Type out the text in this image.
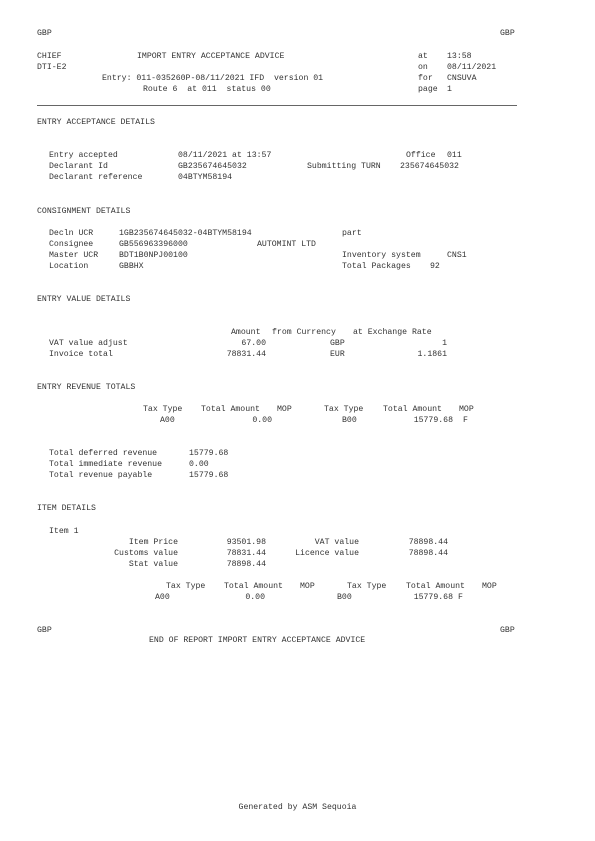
GBP	GBP
CHIEF	IMPORT ENTRY ACCEPTANCE ADVICE	at 13:58
DTI-E2	on 08/11/2021
Entry: 011-035260P-08/11/2021 IFD  version 01	for CNSUVA
Route 6  at 011  status 00	page 1
ENTRY ACCEPTANCE DETAILS
Entry accepted	08/11/2021 at 13:57	Office 011
Declarant Id	GB235674645032	Submitting TURN 235674645032
Declarant reference	04BTYM58194
CONSIGNMENT DETAILS
Decln UCR	1GB235674645032-04BTYM58194	part
Consignee	GB556963396000	AUTOMINT LTD
Master UCR	BDT1B0NPJ00100	Inventory system	CNS1
Location	GBBHX	Total Packages 92
ENTRY VALUE DETAILS
Amount from Currency at Exchange Rate
VAT value adjust	67.00	GBP	1
Invoice total	78831.44	EUR	1.1861
ENTRY REVENUE TOTALS
Tax Type Total Amount MOP	Tax Type Total Amount MOP
A00	0.00	B00	15779.68 F
Total deferred revenue	15779.68
Total immediate revenue	0.00
Total revenue payable	15779.68
ITEM DETAILS
Item 1
Item Price	93501.98	VAT value	78898.44
Customs value	78831.44	Licence value	78898.44
Stat value	78898.44
Tax Type Total Amount MOP	Tax Type Total Amount MOP
A00	0.00	B00	15779.68 F
GBP	GBP
END OF REPORT IMPORT ENTRY ACCEPTANCE ADVICE
Generated by ASM Sequoia
